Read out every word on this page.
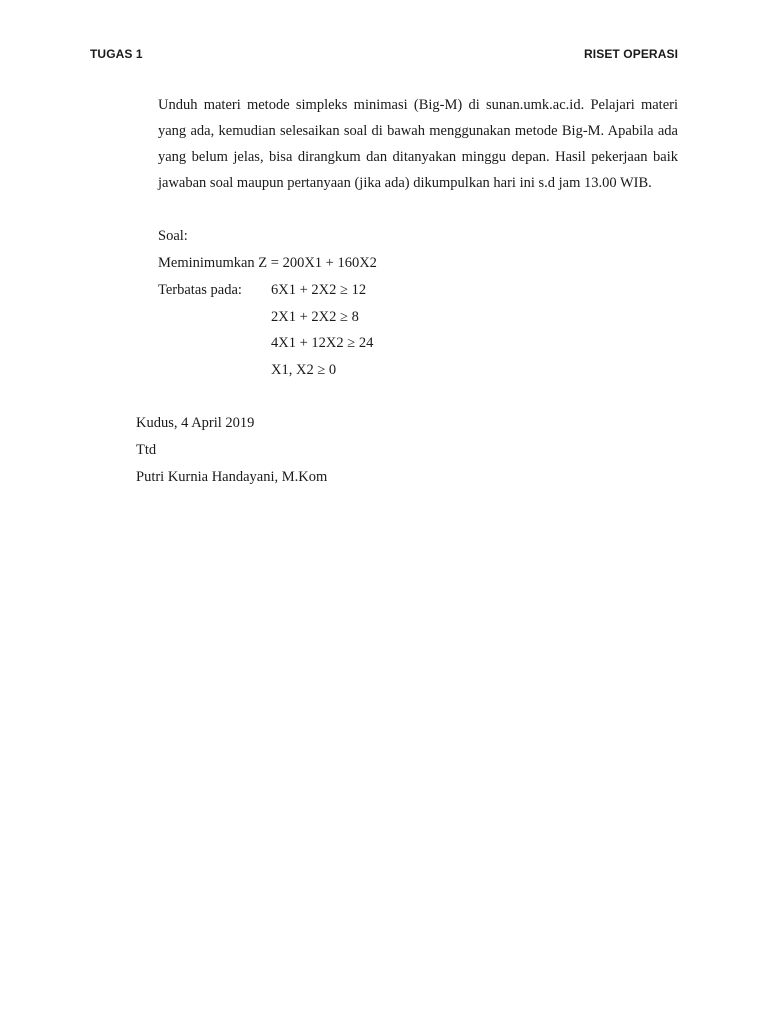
TUGAS 1	RISET OPERASI

Unduh materi metode simpleks minimasi (Big-M) di sunan.umk.ac.id. Pelajari materi yang ada, kemudian selesaikan soal di bawah menggunakan metode Big-M. Apabila ada yang belum jelas, bisa dirangkum dan ditanyakan minggu depan. Hasil pekerjaan baik jawaban soal maupun pertanyaan (jika ada) dikumpulkan hari ini s.d jam 13.00 WIB.

Soal:
Meminimumkan Z = 200X1 + 160X2
Terbatas pada: 6X1 + 2X2 ≥ 12
2X1 + 2X2 ≥ 8
4X1 + 12X2 ≥ 24
X1, X2 ≥ 0
Kudus, 4 April 2019
Ttd
Putri Kurnia Handayani, M.Kom
